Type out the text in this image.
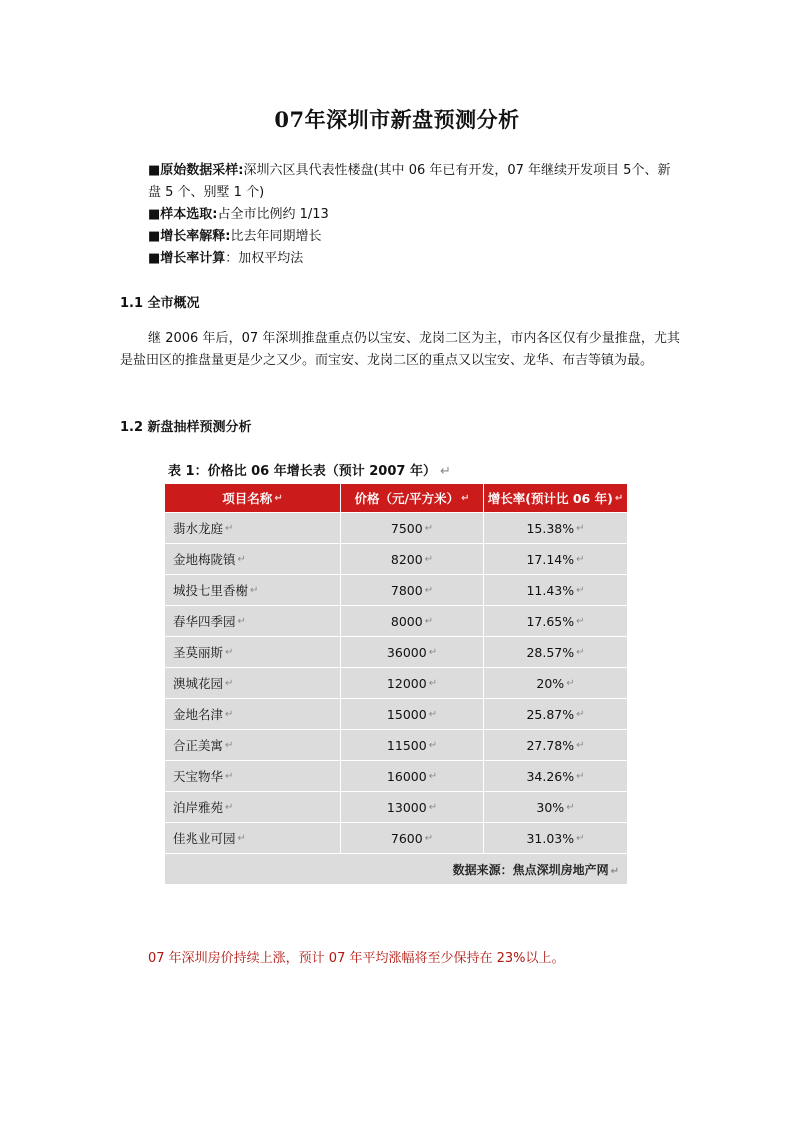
07年深圳市新盘预测分析
■原始数据采样:深圳六区具代表性楼盘(其中 06 年已有开发，07 年继续开发项目 5个、新盘 5 个、别墅 1 个)
■样本选取:占全市比例约 1/13
■增长率解释:比去年同期增长
■增长率计算：加权平均法
1.1 全市概况
继 2006 年后，07 年深圳推盘重点仍以宝安、龙岗二区为主，市内各区仅有少量推盘，尤其是盐田区的推盘量更是少之又少。而宝安、龙岗二区的重点又以宝安、龙华、布吉等镇为最。
1.2 新盘抽样预测分析
表 1：价格比 06 年增长表（预计 2007 年） ↵
项目名称 ↵	价格（元/平方米） ↵ 增长率(预计比 06 年) ↵
翡水龙庭 ↵	7500 ↵	15.38% ↵
金地梅陇镇 ↵	8200 ↵	17.14% ↵
城投七里香榭 ↵	7800 ↵	11.43% ↵
春华四季园 ↵	8000 ↵	17.65% ↵
圣莫丽斯 ↵	36000 ↵	28.57% ↵
澳城花园 ↵	12000 ↵	20% ↵
金地名津 ↵	15000 ↵	25.87% ↵
合正美寓 ↵	11500 ↵	27.78% ↵
天宝物华 ↵	16000 ↵	34.26% ↵
泊岸雅苑 ↵	13000 ↵	30% ↵
佳兆业可园 ↵	7600 ↵	31.03% ↵
数据来源：焦点深圳房地产网 ↵
07 年深圳房价持续上涨，预计 07 年平均涨幅将至少保持在 23%以上。
